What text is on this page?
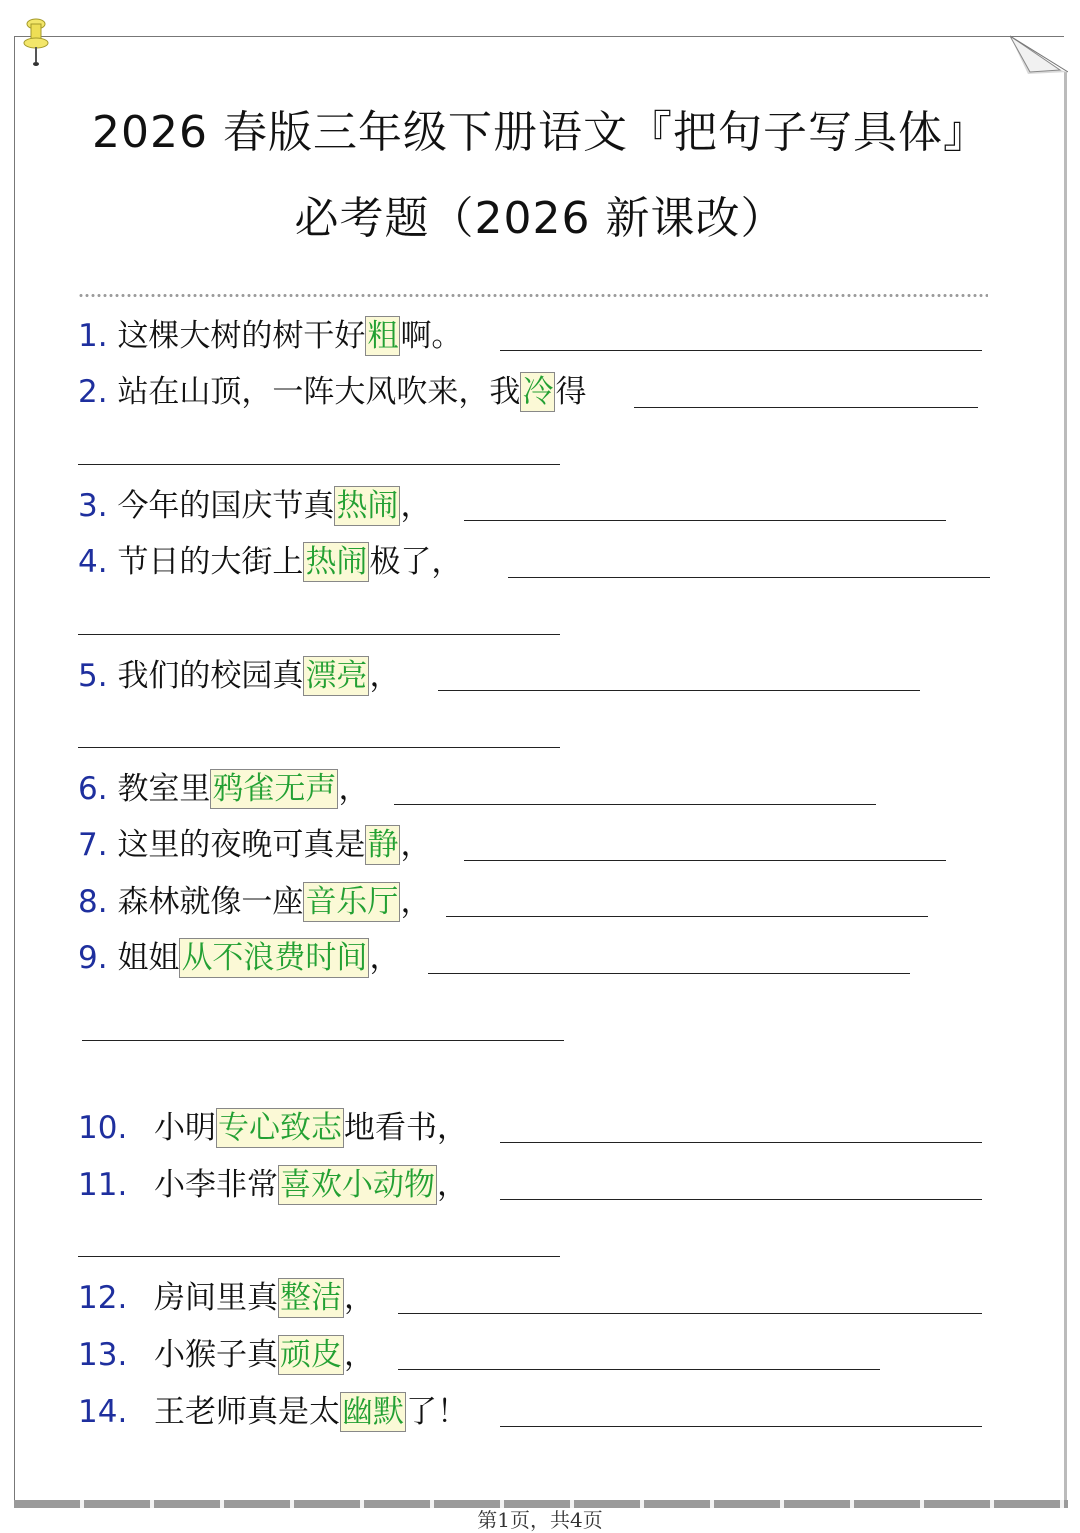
2026 春版三年级下册语文『把句子写具体』
必考题（2026 新课改）
1. 这棵大树的树干好粗啊。
2. 站在山顶，一阵大风吹来，我冷得
3. 今年的国庆节真热闹，
4. 节日的大街上热闹极了，
5. 我们的校园真漂亮，
6. 教室里鸦雀无声，
7. 这里的夜晚可真是静，
8. 森林就像一座音乐厅，
9. 姐姐从不浪费时间，
10. 小明专心致志地看书，
11. 小李非常喜欢小动物，
12. 房间里真整洁，
13. 小猴子真顽皮，
14. 王老师真是太幽默了！
第1页，共4页
